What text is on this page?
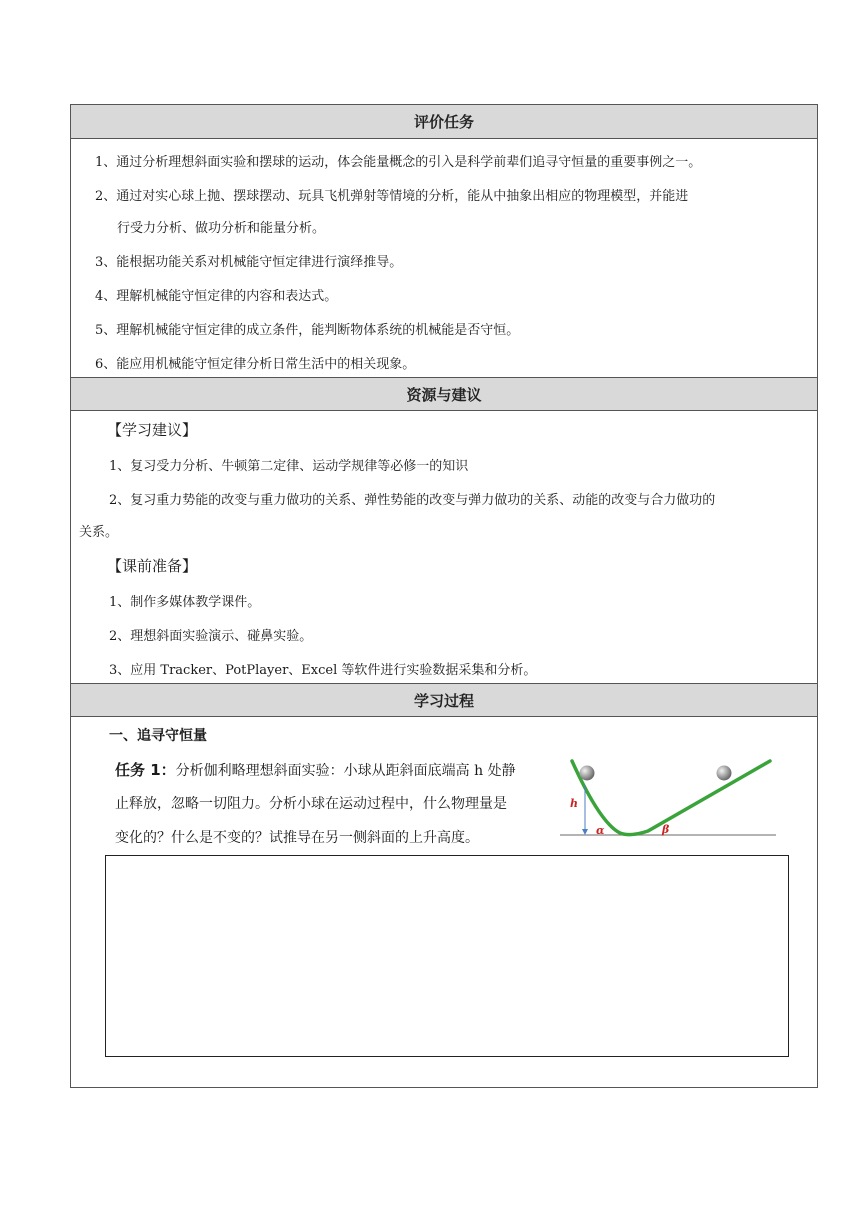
评价任务
1、通过分析理想斜面实验和摆球的运动，体会能量概念的引入是科学前辈们追寻守恒量的重要事例之一。
2、通过对实心球上抛、摆球摆动、玩具飞机弹射等情境的分析，能从中抽象出相应的物理模型，并能进
行受力分析、做功分析和能量分析。
3、能根据功能关系对机械能守恒定律进行演绎推导。
4、理解机械能守恒定律的内容和表达式。
5、理解机械能守恒定律的成立条件，能判断物体系统的机械能是否守恒。
6、能应用机械能守恒定律分析日常生活中的相关现象。
资源与建议
【学习建议】
1、复习受力分析、牛顿第二定律、运动学规律等必修一的知识
2、复习重力势能的改变与重力做功的关系、弹性势能的改变与弹力做功的关系、动能的改变与合力做功的
关系。
【课前准备】
1、制作多媒体教学课件。
2、理想斜面实验演示、碰鼻实验。
3、应用 Tracker、PotPlayer、Excel 等软件进行实验数据采集和分析。
学习过程
一、追寻守恒量
任务 1：分析伽利略理想斜面实验：小球从距斜面底端高 h 处静
止释放，忽略一切阻力。分析小球在运动过程中，什么物理量是
变化的？什么是不变的？试推导在另一侧斜面的上升高度。
h
α	β
